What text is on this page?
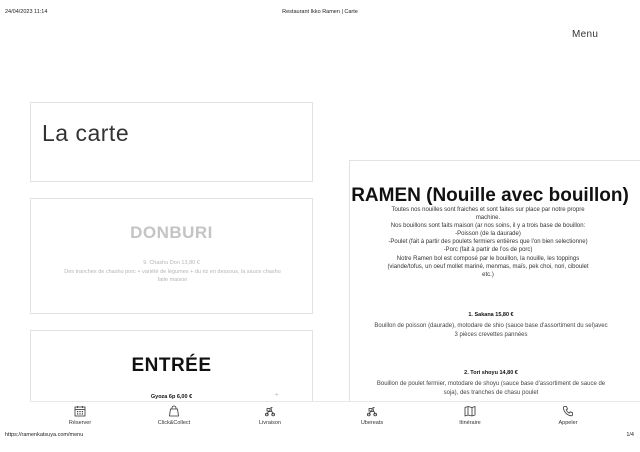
24/04/2023 11:14	Restaurant Ikko Ramen | Carte
Menu
La carte
DONBURI
9. Chashu Don 13,80 €
Des tranches de chashu porc + variété de légumes + du riz en dessous, la sauce chashu faite maison
ENTRÉE
Gyoza 6p 6,00 €	÷
RAMEN (Nouille avec bouillon)
Toutes nos nouilles sont fraiches et sont faites sur place par notre propre
machine.
Nos bouillons sont faits maison (ar nos soins, il y a trois base de bouillon:
-Poisson (de la daurade)
-Poulet (fait à partir des poulets fermiers entières que l'on bien selectionne)
-Porc (fait à partir de l'os de porc)
Notre Ramen bol est composé par le bouillon, la nouille, les toppings
(viande/tofus, un oeuf mollet mariné, menmas, maïs, pek choi, nori, ciboulet
etc.)
1. Sakana 15,80 €
Bouillon de poisson (daurade), motodare de shio (sauce base d'assortiment du sel)avec 3 pièces crevettes pannées
2. Tori shoyu 14,80 €
Bouillon de poulet fermier, motodare de shoyu (sauce base d'assortiment de sauce de soja), des tranches de chasu poulet
Réserver	Click&Collect	Livraison	Ubereats	Itinéraire	Appeler
https://ramenkatsuya.com/menu	1/4
